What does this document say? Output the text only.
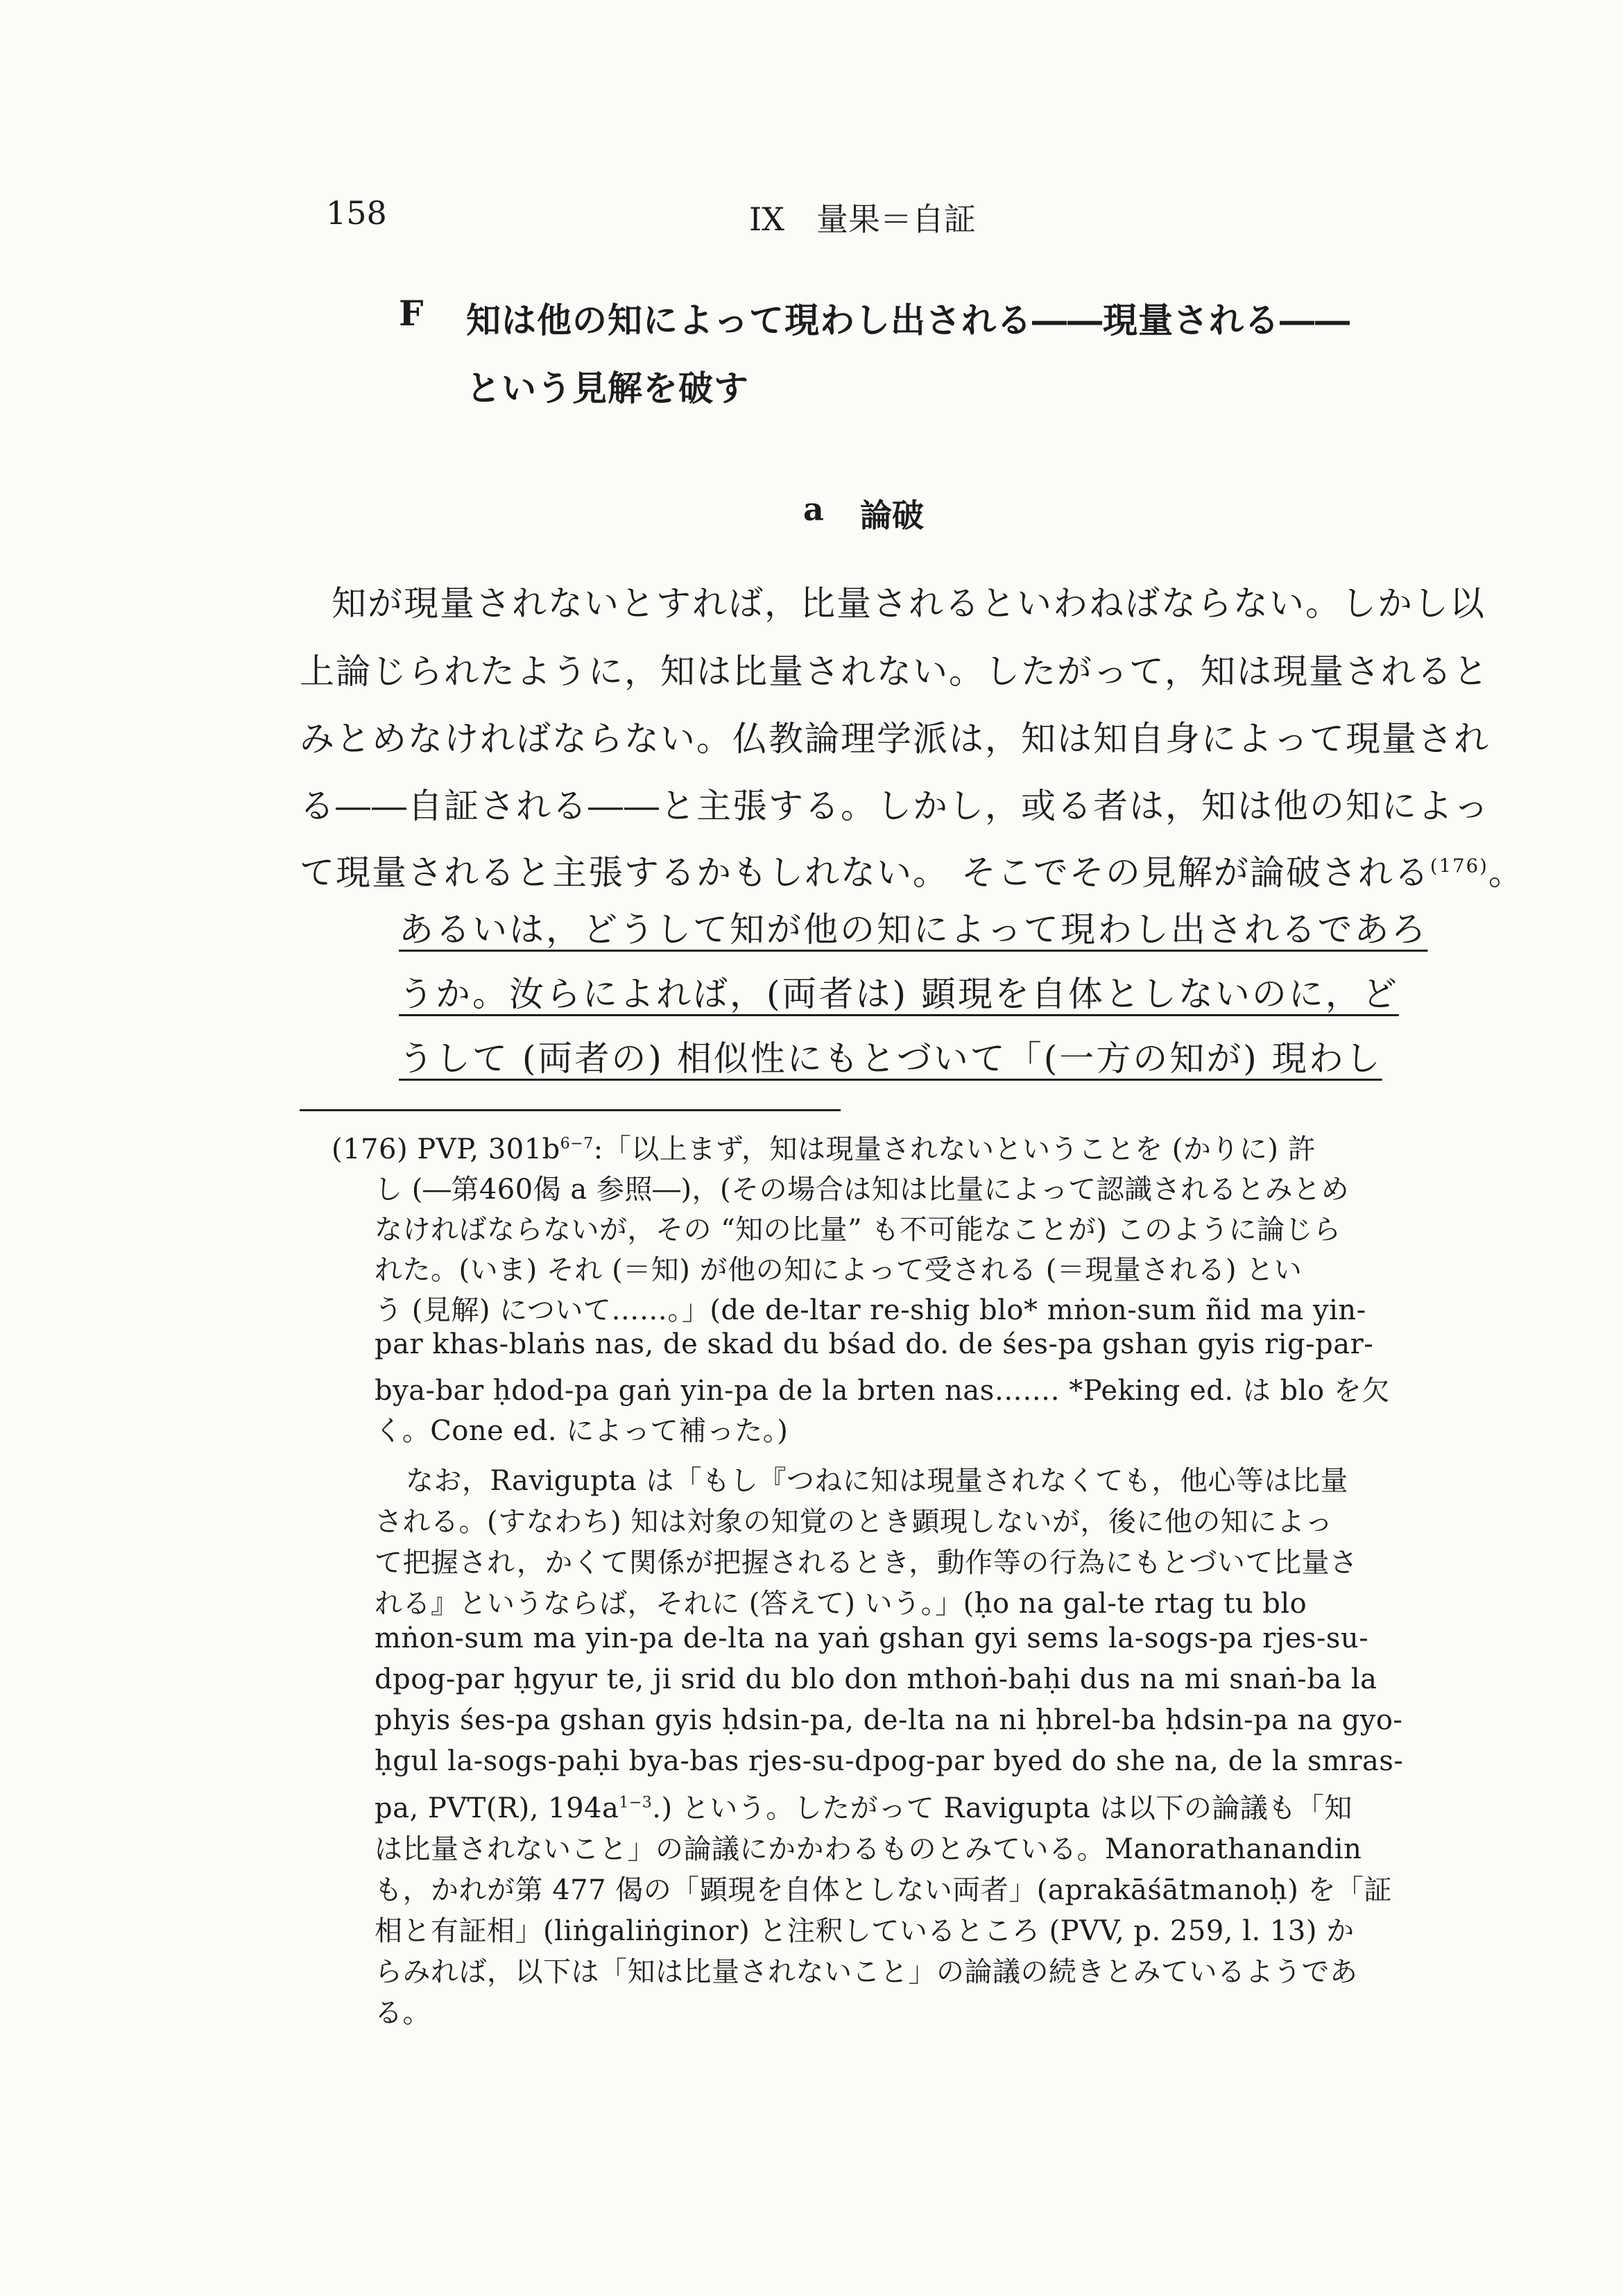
158	IX　量果＝自証
F 知は他の知によって現わし出される――現量される――
という見解を破す
a 論破
知が現量されないとすれば，比量されるといわねばならない。しかし以
上論じられたように，知は比量されない。したがって，知は現量されると
みとめなければならない。仏教論理学派は，知は知自身によって現量され
る――自証される――と主張する。しかし，或る者は，知は他の知によっ
て現量されると主張するかもしれない。 そこでその見解が論破される$^{(176)}$。
あるいは，どうして知が他の知によって現わし出されるであろ
うか。汝らによれば，(両者は) 顕現を自体としないのに，ど
うして (両者の) 相似性にもとづいて「(一方の知が) 現わし
(176) PVP, $301b^{6-7}$:「以上まず，知は現量されないということを (かりに) 許
し (―第460偈 a 参照―)，(その場合は知は比量によって認識されるとみとめ
なければならないが，その “知の比量” も不可能なことが) このように論じら
れた。(いま) それ (＝知) が他の知によって受される (＝現量される) とい
う (見解) について……。」(de de-ltar re-shig blo* mṅon-sum ñid ma yin-
par khas-blaṅs nas, de skad du bśad do. de śes-pa gshan gyis rig-par-
bya-bar ḥdod-pa gaṅ yin-pa de la brten nas……. *Peking ed. は blo を欠
く。Cone ed. によって補った。)
なお，Ravigupta は「もし『つねに知は現量されなくても，他心等は比量
される。(すなわち) 知は対象の知覚のとき顕現しないが，後に他の知によっ
て把握され，かくて関係が把握されるとき，動作等の行為にもとづいて比量さ
れる』というならば，それに (答えて) いう。」(ḥo na gal-te rtag tu blo
mṅon-sum ma yin-pa de-lta na yaṅ gshan gyi sems la-sogs-pa rjes-su-
dpog-par ḥgyur te, ji srid du blo don mthoṅ-baḥi dus na mi snaṅ-ba la
phyis śes-pa gshan gyis ḥdsin-pa, de-lta na ni ḥbrel-ba ḥdsin-pa na gyo-
ḥgul la-sogs-paḥi bya-bas rjes-su-dpog-par byed do she na, de la smras-
pa, PVT(R), $194a^{1-3}$.) という。したがって Ravigupta は以下の論議も「知
は比量されないこと」の論議にかかわるものとみている。Manorathanandin
も，かれが第 477 偈の「顕現を自体としない両者」(aprakāśātmanoḥ) を「証
相と有証相」(liṅgaliṅginor) と注釈しているところ (PVV, p. 259, l. 13) か
らみれば，以下は「知は比量されないこと」の論議の続きとみているようであ
る。
